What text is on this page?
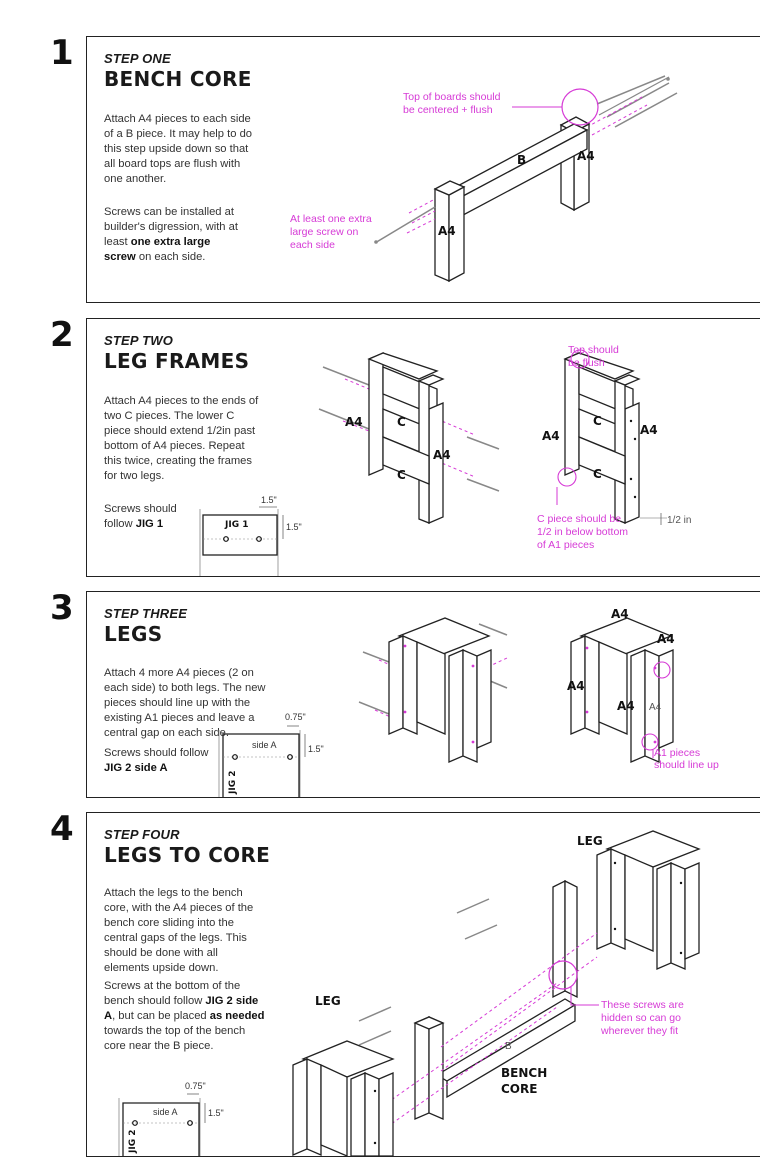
1 STEP ONE
BENCH CORE
Attach A4 pieces to each side of a B piece. It may help to do this step upside down so that all board tops are flush with one another.
Screws can be installed at builder's digression, with at least one extra large screw on each side.
Top of boards should
be centered + flush
At least one extra
large screw on
each side
B	A4
A4
2 STEP TWO
LEG FRAMES
Attach A4 pieces to the ends of two C pieces. The lower C piece should extend 1/2in past bottom of A4 pieces. Repeat this twice, creating the frames for two legs.
Screws should follow JIG 1	JIG 1
1.5"
1.5"
A4	C
C
A4
Top should
be flush
C piece should be
1/2 in below bottom
of A1 pieces
1/2 in
A4
C
C
A4
3 STEP THREE
LEGS
Attach 4 more A4 pieces (2 on each side) to both legs. The new pieces should line up with the existing A1 pieces and leave a central gap on each side.
Screws should follow JIG 2 side A
side A
JIG 2
0.75"
1.5"	A1 pieces
should line up
A4
A4
A4
A4 A4
4 STEP FOUR
LEGS TO CORE
Attach the legs to the bench core, with the A4 pieces of the bench core sliding into the central gaps of the legs. This should be done with all elements upside down.
Screws at the bottom of the bench should follow JIG 2 side A, but can be placed as needed towards the top of the bench core near the B piece.
side A
JIG 2
0.75"
1.5"
These screws are
hidden so can go
wherever they fit
B
BENCH
CORE
LEG
LEG
